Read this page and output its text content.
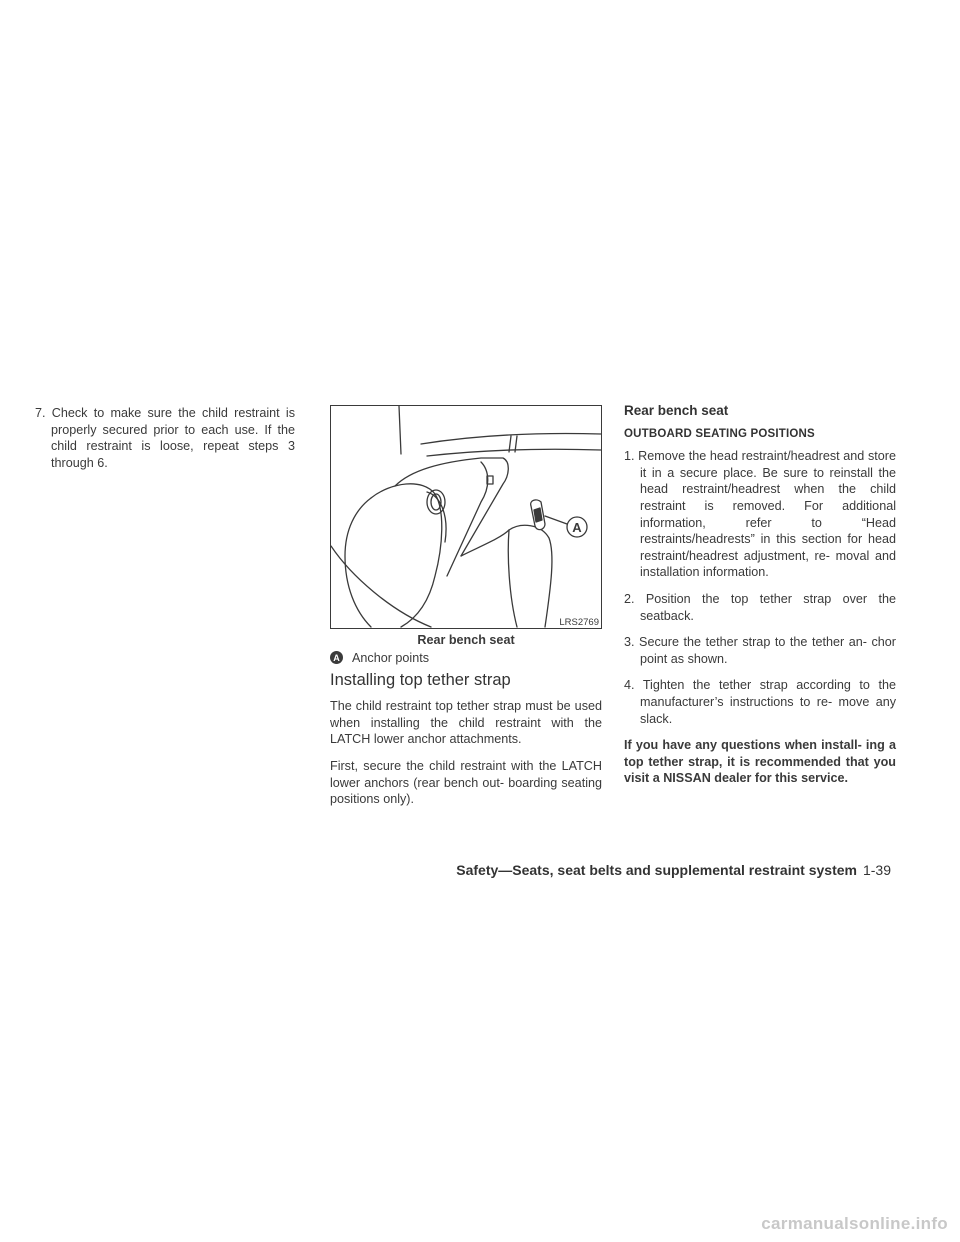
7. Check to make sure the child restraint is properly secured prior to each use. If the child restraint is loose, repeat steps 3 through 6.

A
LRS2769
Rear bench seat
A Anchor points
Installing top tether strap

The child restraint top tether strap must be used when installing the child restraint with the LATCH lower anchor attachments.

First, secure the child restraint with the LATCH lower anchors (rear bench out- boarding seating positions only).

Rear bench seat
OUTBOARD SEATING POSITIONS

1. Remove the head restraint/headrest and store it in a secure place. Be sure to reinstall the head restraint/headrest when the child restraint is removed. For additional information, refer to “Head restraints/headrests” in this section for head restraint/headrest adjustment, re- moval and installation information.

2. Position the top tether strap over the seatback.

3. Secure the tether strap to the tether an- chor point as shown.

4. Tighten the tether strap according to the manufacturer’s instructions to re- move any slack.

If you have any questions when install- ing a top tether strap, it is recommended that you visit a NISSAN dealer for this service.

Safety—Seats, seat belts and supplemental restraint system 1-39
carmanualsonline.info
